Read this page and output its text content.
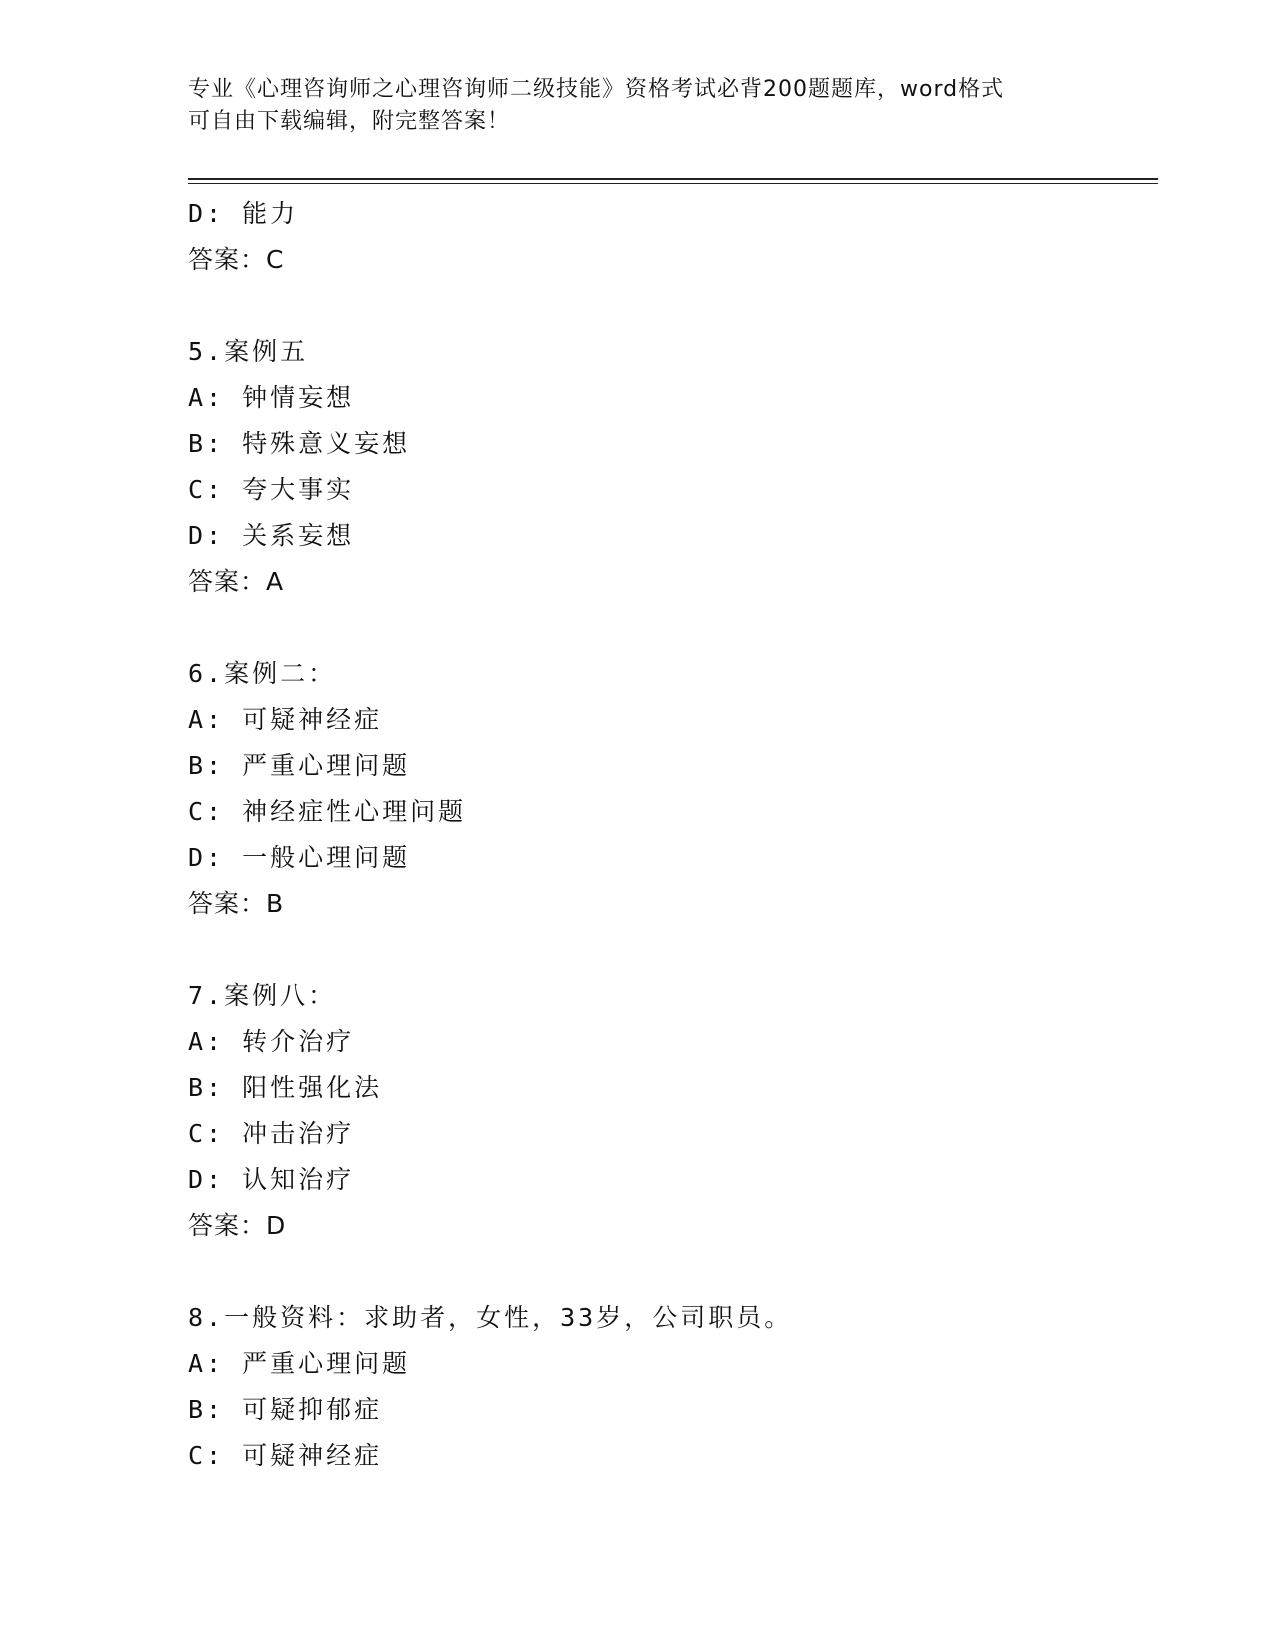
专业《心理咨询师之心理咨询师二级技能》资格考试必背200题题库，word格式
可自由下载编辑，附完整答案！
D: 能力
答案：C
5.案例五
A: 钟情妄想
B: 特殊意义妄想
C: 夸大事实
D: 关系妄想
答案：A
6.案例二：
A: 可疑神经症
B: 严重心理问题
C: 神经症性心理问题
D: 一般心理问题
答案：B
7.案例八：
A: 转介治疗
B: 阳性强化法
C: 冲击治疗
D: 认知治疗
答案：D
8.一般资料：求助者，女性，33岁，公司职员。
A: 严重心理问题
B: 可疑抑郁症
C: 可疑神经症
